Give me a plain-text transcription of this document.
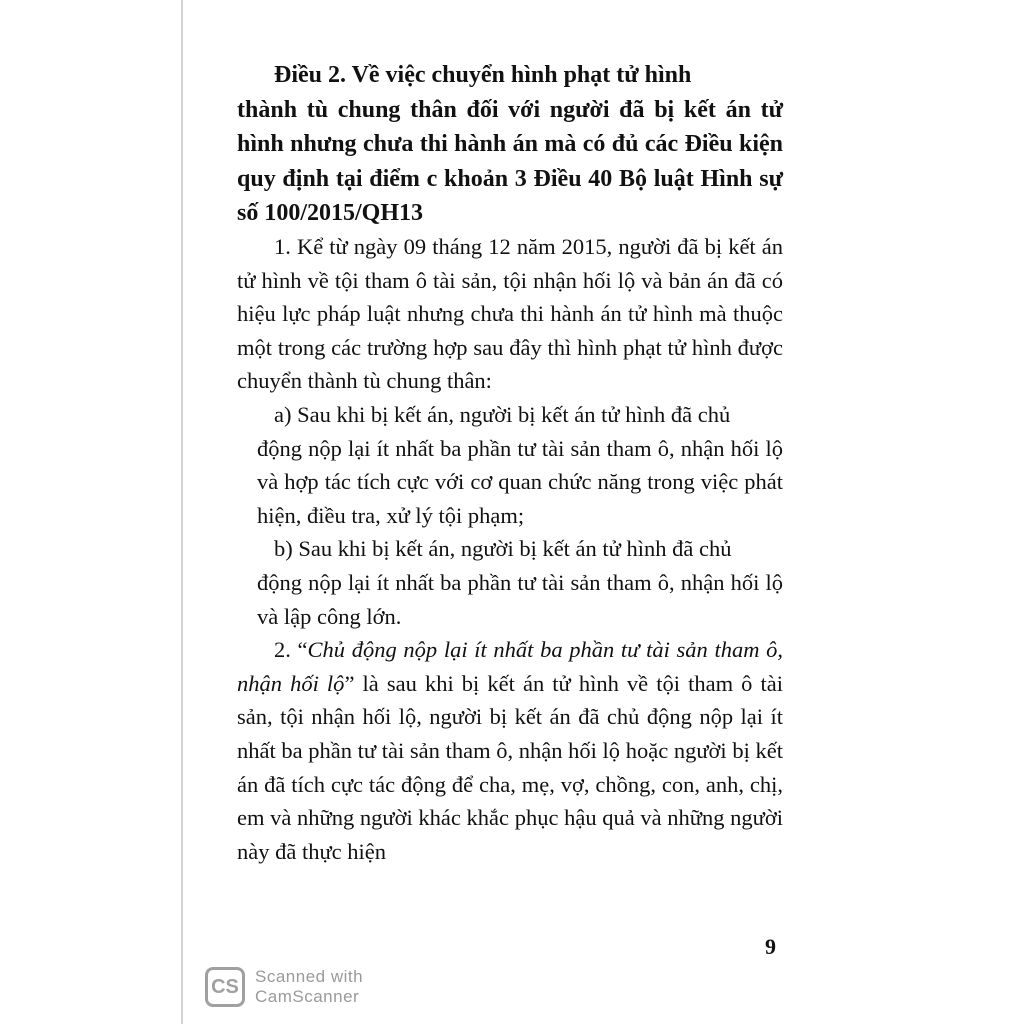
Điều 2. Về việc chuyển hình phạt tử hình
thành tù chung thân đối với người đã bị kết án tử hình nhưng chưa thi hành án mà có đủ các Điều kiện quy định tại điểm c khoản 3 Điều 40 Bộ luật Hình sự số 100/2015/QH13

1. Kể từ ngày 09 tháng 12 năm 2015, người đã bị kết án tử hình về tội tham ô tài sản, tội nhận hối lộ và bản án đã có hiệu lực pháp luật nhưng chưa thi hành án tử hình mà thuộc một trong các trường hợp sau đây thì hình phạt tử hình được chuyển thành tù chung thân:

a) Sau khi bị kết án, người bị kết án tử hình đã chủ

động nộp lại ít nhất ba phần tư tài sản tham ô, nhận hối lộ và hợp tác tích cực với cơ quan chức năng trong việc phát hiện, điều tra, xử lý tội phạm;

b) Sau khi bị kết án, người bị kết án tử hình đã chủ

động nộp lại ít nhất ba phần tư tài sản tham ô, nhận hối lộ và lập công lớn.

2. “Chủ động nộp lại ít nhất ba phần tư tài sản tham ô, nhận hối lộ” là sau khi bị kết án tử hình về tội tham ô tài sản, tội nhận hối lộ, người bị kết án đã chủ động nộp lại ít nhất ba phần tư tài sản tham ô, nhận hối lộ hoặc người bị kết án đã tích cực tác động để cha, mẹ, vợ, chồng, con, anh, chị, em và những người khác khắc phục hậu quả và những người này đã thực hiện

9
CS Scanned with
CamScanner
